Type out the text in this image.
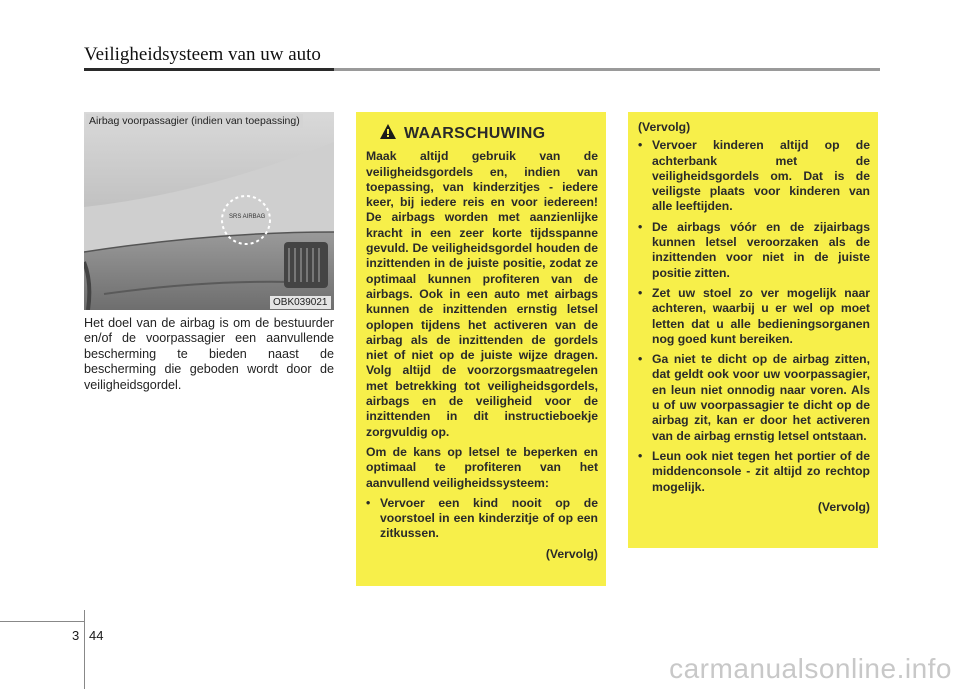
Veiligheidsysteem van uw auto
SRS AIRBAG
Airbag voorpassagier (indien van toepassing)
OBK039021
Het doel van de airbag is om de bestuurder en/of de voorpassagier een aanvullende bescherming te bieden naast de bescherming die geboden wordt door de veiligheidsgordel.
WAARSCHUWING
Maak altijd gebruik van de veiligheidsgordels en, indien van toepassing, van kinderzitjes - iedere keer, bij iedere reis en voor iedereen! De airbags worden met aanzienlijke kracht in een zeer korte tijdsspanne gevuld. De veiligheidsgordel houden de inzittenden in de juiste positie, zodat ze optimaal kunnen profiteren van de airbags. Ook in een auto met airbags kunnen de inzittenden ernstig letsel oplopen tijdens het activeren van de airbag als de inzittenden de gordels niet of niet op de juiste wijze dragen. Volg altijd de voorzorgsmaatregelen met betrekking tot veiligheidsgordels, airbags en de veiligheid voor de inzittenden in dit instructieboekje zorgvuldig op.
Om de kans op letsel te beperken en optimaal te profiteren van het aanvullend veiligheidssysteem:
• Vervoer een kind nooit op de voorstoel in een kinderzitje of op een zitkussen.
(Vervolg)
(Vervolg)
• Vervoer kinderen altijd op de achterbank met de veiligheidsgordels om. Dat is de veiligste plaats voor kinderen van alle leeftijden.
• De airbags vóór en de zijairbags kunnen letsel veroorzaken als de inzittenden voor niet in de juiste positie zitten.
• Zet uw stoel zo ver mogelijk naar achteren, waarbij u er wel op moet letten dat u alle bedieningsorganen nog goed kunt bereiken.
• Ga niet te dicht op de airbag zitten, dat geldt ook voor uw voorpassagier, en leun niet onnodig naar voren. Als u of uw voorpassagier te dicht op de airbag zit, kan er door het activeren van de airbag ernstig letsel ontstaan.
• Leun ook niet tegen het portier of de middenconsole - zit altijd zo rechtop mogelijk.
(Vervolg)
3 44
carmanualsonline.info
